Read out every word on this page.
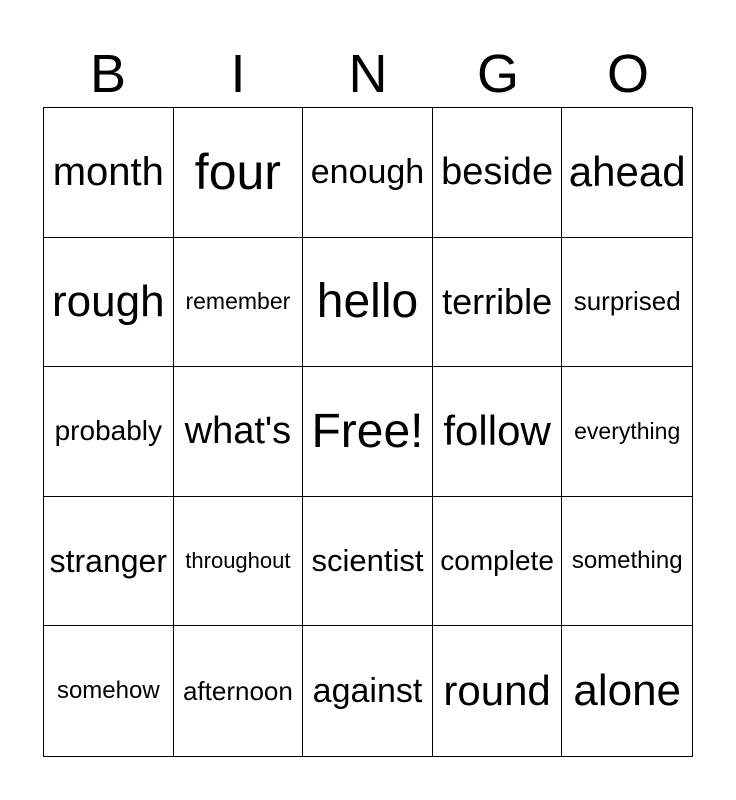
B	I	N	G	O
month four enough beside ahead
rough remember hello terrible surprised
probably what's Free! follow everything
stranger throughout scientist complete something
somehow afternoon against round alone
